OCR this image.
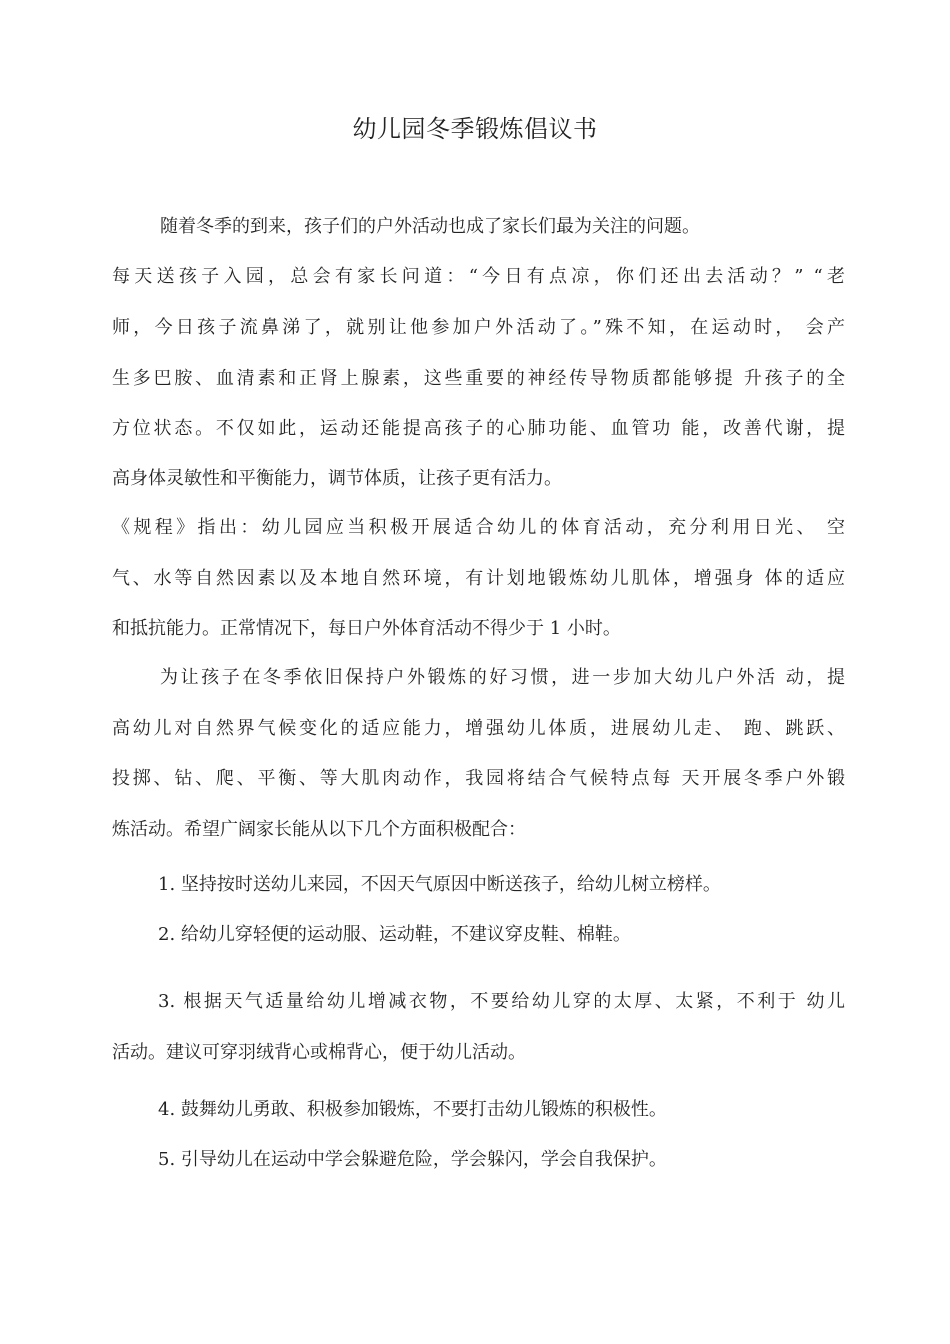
幼儿园冬季锻炼倡议书
随着冬季的到来，孩子们的户外活动也成了家长们最为关注的问题。
每天送孩子入园，总会有家长问道：“今日有点凉，你们还出去活动？” “老
师，今日孩子流鼻涕了，就别让他参加户外活动了。”殊不知，在运动时， 会产
生多巴胺、血清素和正肾上腺素，这些重要的神经传导物质都能够提 升孩子的全
方位状态。不仅如此，运动还能提高孩子的心肺功能、血管功 能，改善代谢，提
高身体灵敏性和平衡能力，调节体质，让孩子更有活力。
《规程》指出：幼儿园应当积极开展适合幼儿的体育活动，充分利用日光、 空
气、水等自然因素以及本地自然环境，有计划地锻炼幼儿肌体，增强身 体的适应
和抵抗能力。正常情况下，每日户外体育活动不得少于 1 小时。
为让孩子在冬季依旧保持户外锻炼的好习惯，进一步加大幼儿户外活 动，提
高幼儿对自然界气候变化的适应能力，增强幼儿体质，进展幼儿走、 跑、跳跃、
投掷、钻、爬、平衡、等大肌肉动作，我园将结合气候特点每 天开展冬季户外锻
炼活动。希望广阔家长能从以下几个方面积极配合：
1. 坚持按时送幼儿来园，不因天气原因中断送孩子，给幼儿树立榜样。
2. 给幼儿穿轻便的运动服、运动鞋，不建议穿皮鞋、棉鞋。
3. 根据天气适量给幼儿增减衣物，不要给幼儿穿的太厚、太紧，不利于 幼儿
活动。建议可穿羽绒背心或棉背心，便于幼儿活动。
4. 鼓舞幼儿勇敢、积极参加锻炼，不要打击幼儿锻炼的积极性。
5. 引导幼儿在运动中学会躲避危险，学会躲闪，学会自我保护。
